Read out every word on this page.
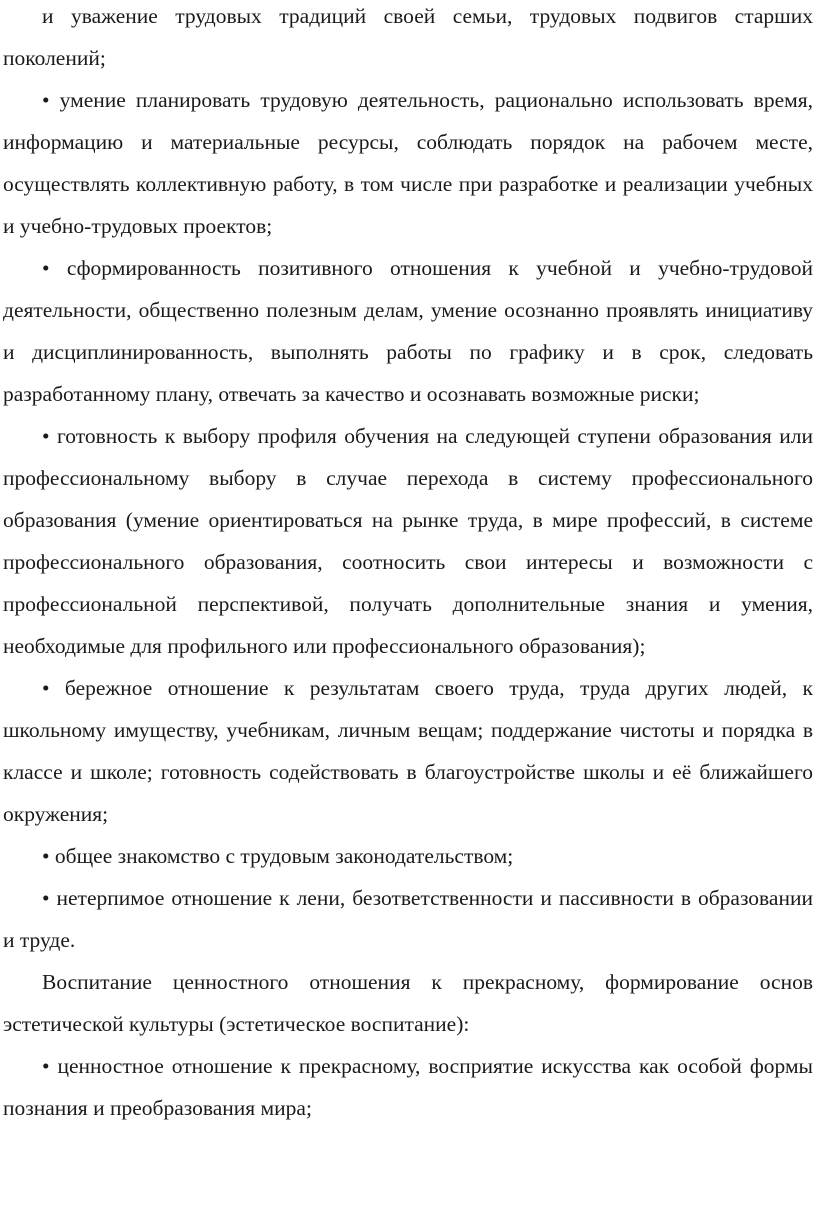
и уважение трудовых традиций своей семьи, трудовых подвигов старших поколений;

• умение планировать трудовую деятельность, рационально использовать время, информацию и материальные ресурсы, соблюдать порядок на рабочем месте, осуществлять коллективную работу, в том числе при разработке и реализации учебных и учебно-трудовых проектов;

• сформированность позитивного отношения к учебной и учебно-трудовой деятельности, общественно полезным делам, умение осознанно проявлять инициативу и дисциплинированность, выполнять работы по графику и в срок, следовать разработанному плану, отвечать за качество и осознавать возможные риски;

• готовность к выбору профиля обучения на следующей ступени образования или профессиональному выбору в случае перехода в систему профессионального образования (умение ориентироваться на рынке труда, в мире профессий, в системе профессионального образования, соотносить свои интересы и возможности с профессиональной перспективой, получать дополнительные знания и умения, необходимые для профильного или профессионального образования);

• бережное отношение к результатам своего труда, труда других людей, к школьному имуществу, учебникам, личным вещам; поддержание чистоты и порядка в классе и школе; готовность содействовать в благоустройстве школы и её ближайшего окружения;

• общее знакомство с трудовым законодательством;

• нетерпимое отношение к лени, безответственности и пассивности в образовании и труде.

Воспитание ценностного отношения к прекрасному, формирование основ эстетической культуры (эстетическое воспитание):

• ценностное отношение к прекрасному, восприятие искусства как особой формы познания и преобразования мира;
